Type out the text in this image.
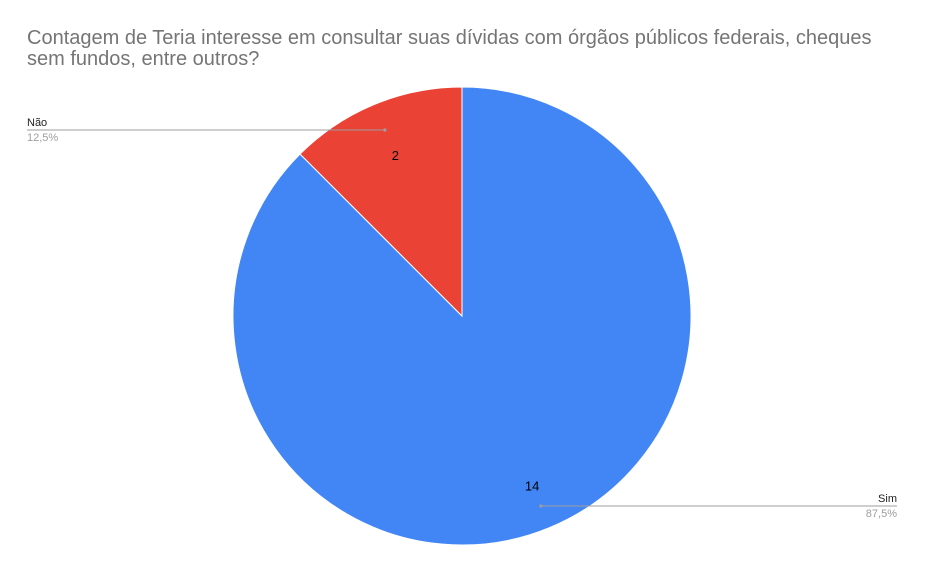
Contagem de Teria interesse em consultar suas dívidas com órgãos públicos federais, cheques sem fundos, entre outros?
14
Sim
87,5%
2
Não
12,5%
